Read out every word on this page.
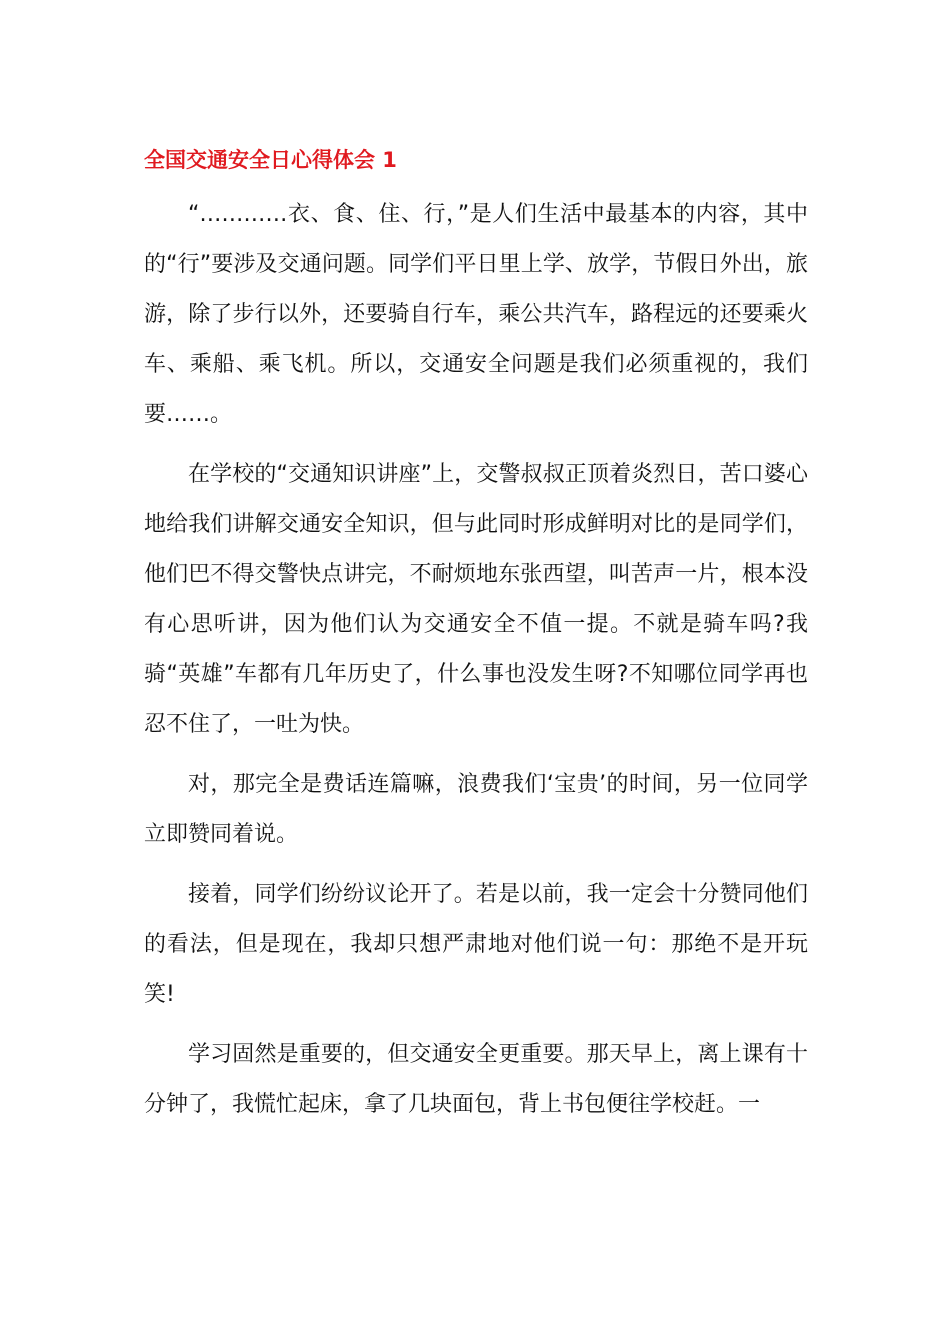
全国交通安全日心得体会 1

“…………衣、食、住、行，”是人们生活中最基本的内容，其中的“行”要涉及交通问题。同学们平日里上学、放学，节假日外出，旅游，除了步行以外，还要骑自行车，乘公共汽车，路程远的还要乘火车、乘船、乘飞机。所以，交通安全问题是我们必须重视的，我们要……。

在学校的“交通知识讲座”上，交警叔叔正顶着炎烈日，苦口婆心地给我们讲解交通安全知识，但与此同时形成鲜明对比的是同学们，他们巴不得交警快点讲完，不耐烦地东张西望，叫苦声一片，根本没有心思听讲，因为他们认为交通安全不值一提。不就是骑车吗?我骑“英雄”车都有几年历史了，什么事也没发生呀?不知哪位同学再也忍不住了，一吐为快。

对，那完全是费话连篇嘛，浪费我们‘宝贵’的时间，另一位同学立即赞同着说。

接着，同学们纷纷议论开了。若是以前，我一定会十分赞同他们的看法，但是现在，我却只想严肃地对他们说一句：那绝不是开玩笑!

学习固然是重要的，但交通安全更重要。那天早上，离上课有十分钟了，我慌忙起床，拿了几块面包，背上书包便往学校赶。一
